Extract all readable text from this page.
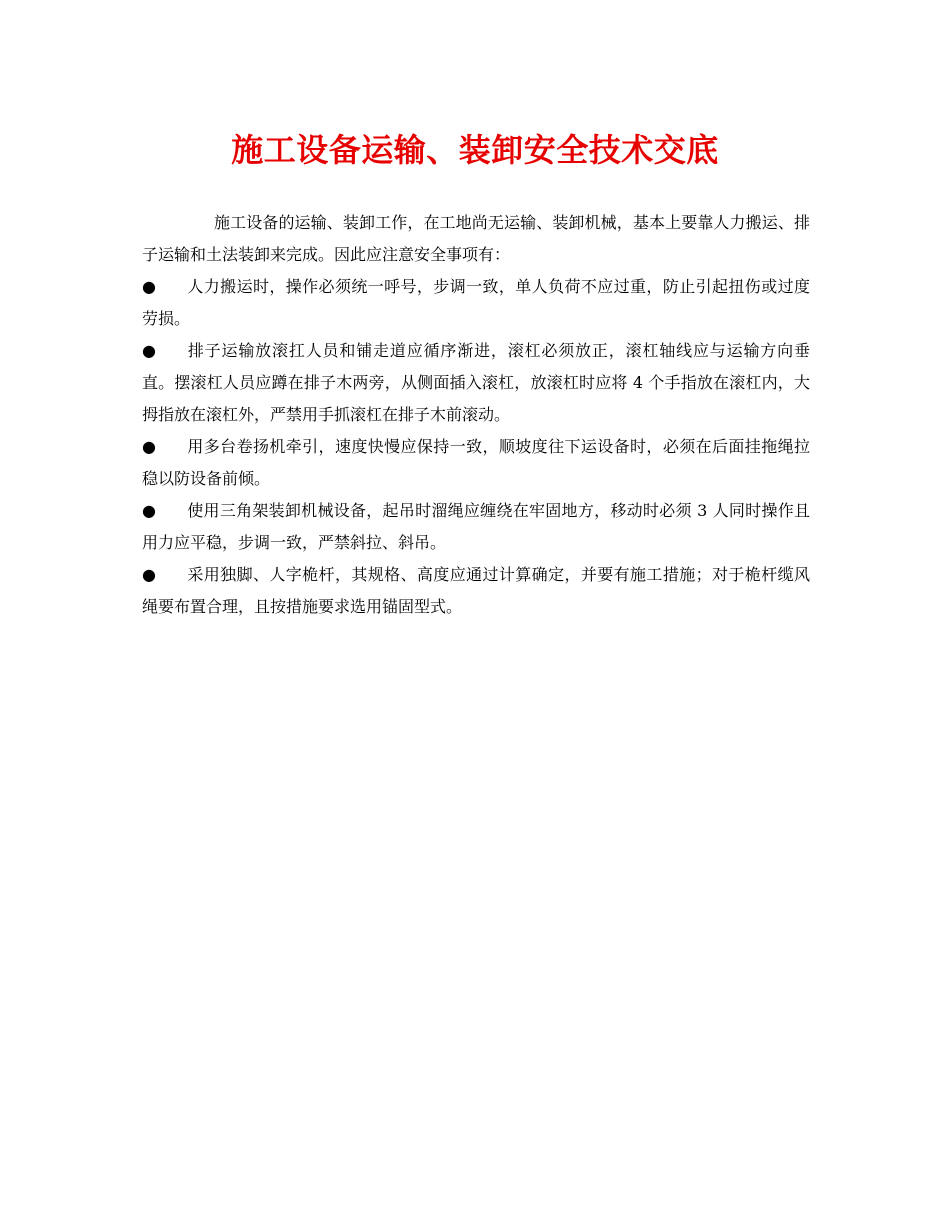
施工设备运输、装卸安全技术交底

施工设备的运输、装卸工作，在工地尚无运输、装卸机械，基本上要靠人力搬运、排子运输和土法装卸来完成。因此应注意安全事项有：

● 人力搬运时，操作必须统一呼号，步调一致，单人负荷不应过重，防止引起扭伤或过度劳损。

● 排子运输放滚扛人员和铺走道应循序渐进，滚杠必须放正，滚杠轴线应与运输方向垂直。摆滚杠人员应蹲在排子木两旁，从侧面插入滚杠，放滚杠时应将 4 个手指放在滚杠内，大拇指放在滚杠外，严禁用手抓滚杠在排子木前滚动。

● 用多台卷扬机牵引，速度快慢应保持一致，顺坡度往下运设备时，必须在后面挂拖绳拉稳以防设备前倾。

● 使用三角架装卸机械设备，起吊时溜绳应缠绕在牢固地方，移动时必须 3 人同时操作且用力应平稳，步调一致，严禁斜拉、斜吊。

● 采用独脚、人字桅杆，其规格、高度应通过计算确定，并要有施工措施；对于桅杆缆风绳要布置合理，且按措施要求选用锚固型式。
